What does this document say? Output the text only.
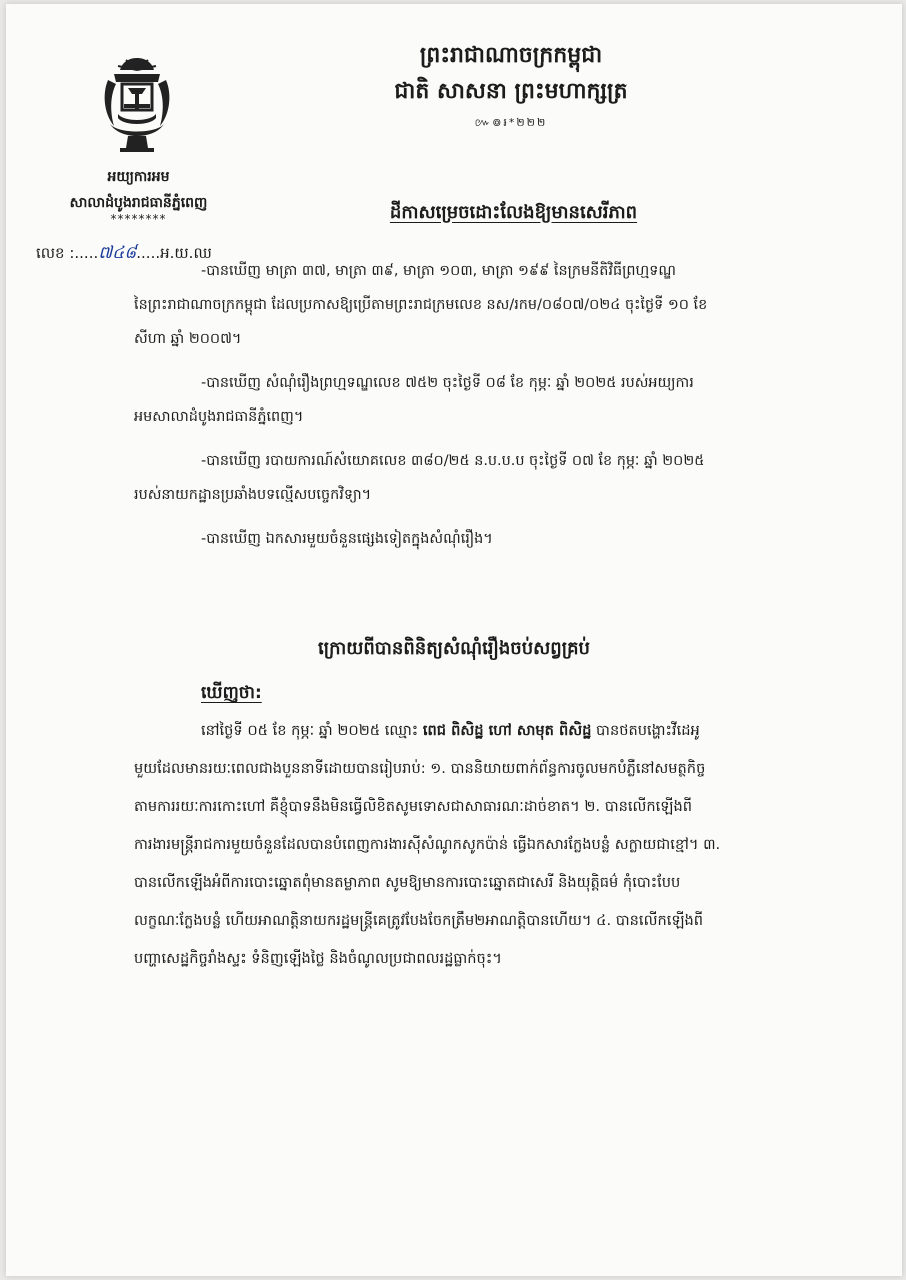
អយ្យការអម
សាលាដំបូងរាជធានីភ្នំពេញ
********
លេខ :.....៧៤៨.....អ.យ.ឈ
ព្រះរាជាណាចក្រកម្ពុជា
ជាតិ សាសនា ព្រះមហាក្សត្រ
៚៙៛*២២២
ដីកាសម្រេចដោះលែងឱ្យមានសេរីភាព
-បានឃើញ មាត្រា ៣៧, មាត្រា ៣៩, មាត្រា ១០៣, មាត្រា ១៩៩ នៃក្រមនីតិវិធីព្រហ្មទណ្ឌ
នៃព្រះរាជាណាចក្រកម្ពុជា ដែលប្រកាសឱ្យប្រើតាមព្រះរាជក្រមលេខ នស/រកម/០៨០៧/០២៤ ចុះថ្ងៃទី ១០ ខែ
សីហា ឆ្នាំ ២០០៧។
-បានឃើញ សំណុំរឿងព្រហ្មទណ្ឌលេខ ៧៥២ ចុះថ្ងៃទី ០៨ ខែ កុម្ភៈ ឆ្នាំ ២០២៥ របស់អយ្យការ
អមសាលាដំបូងរាជធានីភ្នំពេញ។
-បានឃើញ របាយការណ៍សំយោគលេខ ៣៨០/២៥ ន.ប.ប.ប ចុះថ្ងៃទី ០៧ ខែ កុម្ភៈ ឆ្នាំ ២០២៥
របស់នាយកដ្ឋានប្រឆាំងបទល្មើសបច្ចេកវិទ្យា។
-បានឃើញ ឯកសារមួយចំនួនផ្សេងទៀតក្នុងសំណុំរឿង។
ក្រោយពីបានពិនិត្យសំណុំរឿងចប់សព្វគ្រប់
ឃើញថា:
នៅថ្ងៃទី ០៥ ខែ កុម្ភៈ ឆ្នាំ ២០២៥ ឈ្មោះ ពេជ ពិសិដ្ឋ ហៅ សាមុត ពិសិដ្ឋ បានថតបង្ហោះវីដេអូ
មួយដែលមានរយៈពេលជាងបួននាទីដោយបានរៀបរាប់: ១. បាននិយាយពាក់ព័ន្ធការចូលមកបំភ្លឺនៅសមត្ថកិច្ច
តាមការរយៈការកោះហៅ គឺខ្ញុំបាទនឹងមិនធ្វើលិខិតសូមទោសជាសាធារណៈដាច់ខាត។ ២. បានលើកឡើងពី
ការងារមន្ត្រីរាជការមួយចំនួនដែលបានបំពេញការងារស៊ីសំណូកសូកប៉ាន់ ធ្វើឯកសារក្លែងបន្លំ សក្លាយជាខ្មៅ។ ៣.
បានលើកឡើងអំពីការបោះឆ្នោតពុំមានតម្លាភាព សូមឱ្យមានការបោះឆ្នោតជាសេរី និងយុត្តិធម៌ កុំបោះបែប
លក្ខណៈក្លែងបន្លំ ហើយអាណត្តិនាយករដ្ឋមន្ត្រីគេត្រូវបែងចែកត្រឹម២អាណត្តិបានហើយ។ ៤. បានលើកឡើងពី
បញ្ហាសេដ្ឋកិច្ចរាំងស្ទះ ទំនិញឡើងថ្លៃ និងចំណូលប្រជាពលរដ្ឋធ្លាក់ចុះ។
